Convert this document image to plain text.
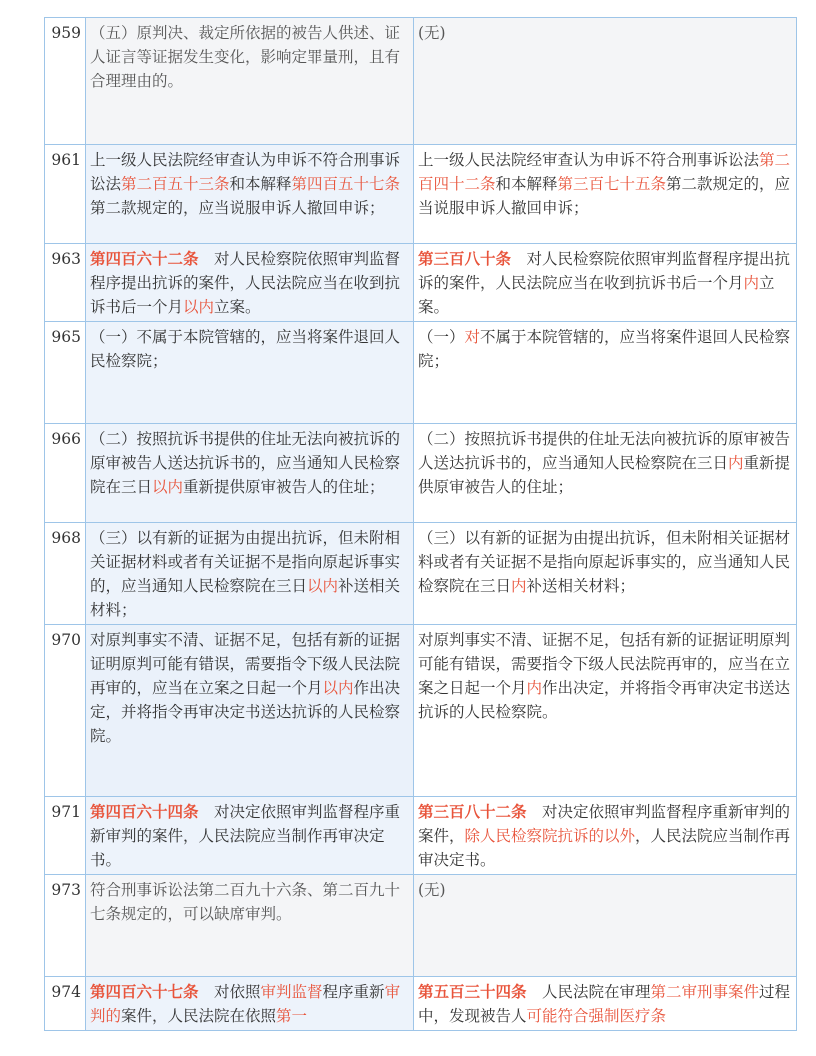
959	（五）原判决、裁定所依据的被告人供述、证人证言等证据发生变化，影响定罪量刑，且有合理理由的。	(无)
961	上一级人民法院经审查认为申诉不符合刑事诉讼法第二百五十三条和本解释第四百五十七条第二款规定的，应当说服申诉人撤回申诉；	上一级人民法院经审查认为申诉不符合刑事诉讼法第二百四十二条和本解释第三百七十五条第二款规定的，应当说服申诉人撤回申诉；
963	第四百六十二条　对人民检察院依照审判监督程序提出抗诉的案件，人民法院应当在收到抗诉书后一个月以内立案。	第三百八十条　对人民检察院依照审判监督程序提出抗诉的案件，人民法院应当在收到抗诉书后一个月内立案。
965	（一）不属于本院管辖的，应当将案件退回人民检察院；	（一）对不属于本院管辖的，应当将案件退回人民检察院；
966	（二）按照抗诉书提供的住址无法向被抗诉的原审被告人送达抗诉书的，应当通知人民检察院在三日以内重新提供原审被告人的住址；	（二）按照抗诉书提供的住址无法向被抗诉的原审被告人送达抗诉书的，应当通知人民检察院在三日内重新提供原审被告人的住址；
968	（三）以有新的证据为由提出抗诉，但未附相关证据材料或者有关证据不是指向原起诉事实的，应当通知人民检察院在三日以内补送相关材料；	（三）以有新的证据为由提出抗诉，但未附相关证据材料或者有关证据不是指向原起诉事实的，应当通知人民检察院在三日内补送相关材料；
970	对原判事实不清、证据不足，包括有新的证据证明原判可能有错误，需要指令下级人民法院再审的，应当在立案之日起一个月以内作出决定，并将指令再审决定书送达抗诉的人民检察院。	对原判事实不清、证据不足，包括有新的证据证明原判可能有错误，需要指令下级人民法院再审的，应当在立案之日起一个月内作出决定，并将指令再审决定书送达抗诉的人民检察院。
971	第四百六十四条　对决定依照审判监督程序重新审判的案件，人民法院应当制作再审决定书。	第三百八十二条　对决定依照审判监督程序重新审判的案件，除人民检察院抗诉的以外，人民法院应当制作再审决定书。
973	符合刑事诉讼法第二百九十六条、第二百九十七条规定的，可以缺席审判。	(无)
974	第四百六十七条　对依照审判监督程序重新审判的案件，人民法院在依照第一	第五百三十四条　人民法院在审理第二审刑事案件过程中，发现被告人可能符合强制医疗条
